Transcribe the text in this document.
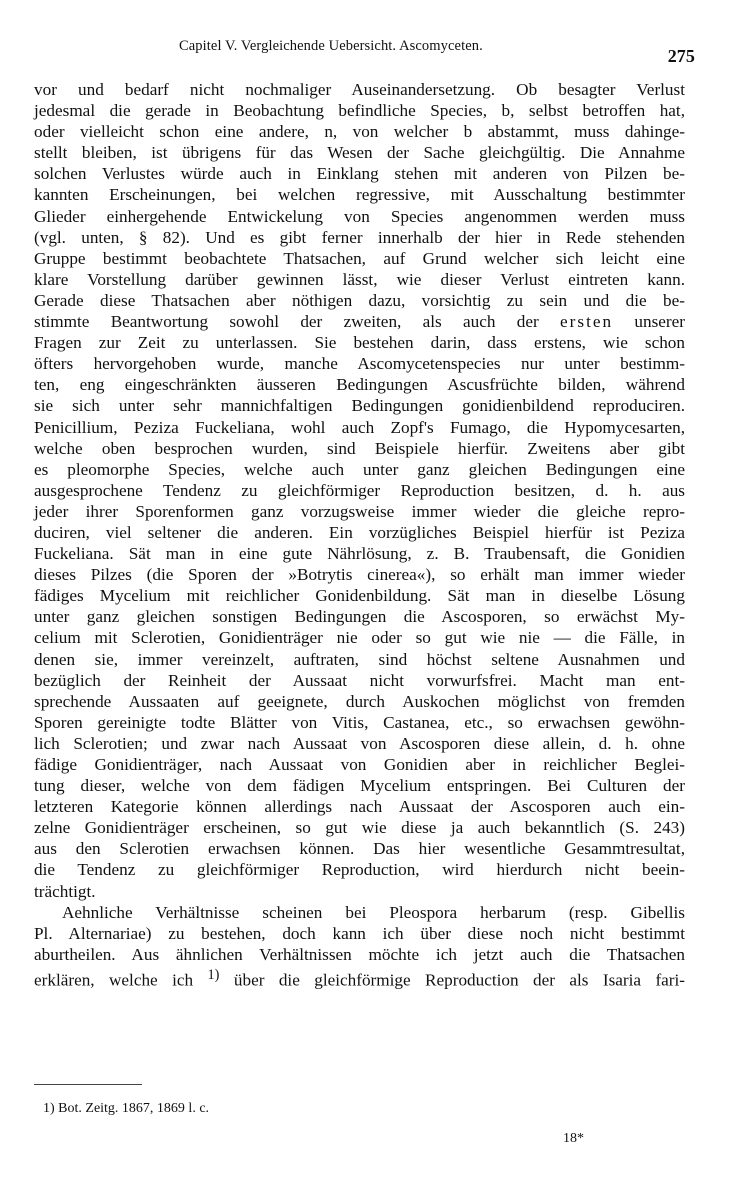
Capitel V. Vergleichende Uebersicht. Ascomyceten.	275
vor und bedarf nicht nochmaliger Auseinandersetzung. Ob besagter Verlust
jedesmal die gerade in Beobachtung befindliche Species, b, selbst betroffen hat,
oder vielleicht schon eine andere, n, von welcher b abstammt, muss dahinge-
stellt bleiben, ist übrigens für das Wesen der Sache gleichgültig. Die Annahme
solchen Verlustes würde auch in Einklang stehen mit anderen von Pilzen be-
kannten Erscheinungen, bei welchen regressive, mit Ausschaltung bestimmter
Glieder einhergehende Entwickelung von Species angenommen werden muss
(vgl. unten, § 82). Und es gibt ferner innerhalb der hier in Rede stehenden
Gruppe bestimmt beobachtete Thatsachen, auf Grund welcher sich leicht eine
klare Vorstellung darüber gewinnen lässt, wie dieser Verlust eintreten kann.
Gerade diese Thatsachen aber nöthigen dazu, vorsichtig zu sein und die be-
stimmte Beantwortung sowohl der zweiten, als auch der ersten unserer
Fragen zur Zeit zu unterlassen. Sie bestehen darin, dass erstens, wie schon
öfters hervorgehoben wurde, manche Ascomycetenspecies nur unter bestimm-
ten, eng eingeschränkten äusseren Bedingungen Ascusfrüchte bilden, während
sie sich unter sehr mannichfaltigen Bedingungen gonidienbildend reproduciren.
Penicillium, Peziza Fuckeliana, wohl auch Zopf's Fumago, die Hypomycesarten,
welche oben besprochen wurden, sind Beispiele hierfür. Zweitens aber gibt
es pleomorphe Species, welche auch unter ganz gleichen Bedingungen eine
ausgesprochene Tendenz zu gleichförmiger Reproduction besitzen, d. h. aus
jeder ihrer Sporenformen ganz vorzugsweise immer wieder die gleiche repro-
duciren, viel seltener die anderen. Ein vorzügliches Beispiel hierfür ist Peziza
Fuckeliana. Sät man in eine gute Nährlösung, z. B. Traubensaft, die Gonidien
dieses Pilzes (die Sporen der »Botrytis cinerea«), so erhält man immer wieder
fädiges Mycelium mit reichlicher Gonidenbildung. Sät man in dieselbe Lösung
unter ganz gleichen sonstigen Bedingungen die Ascosporen, so erwächst My-
celium mit Sclerotien, Gonidienträger nie oder so gut wie nie — die Fälle, in
denen sie, immer vereinzelt, auftraten, sind höchst seltene Ausnahmen und
bezüglich der Reinheit der Aussaat nicht vorwurfsfrei. Macht man ent-
sprechende Aussaaten auf geeignete, durch Auskochen möglichst von fremden
Sporen gereinigte todte Blätter von Vitis, Castanea, etc., so erwachsen gewöhn-
lich Sclerotien; und zwar nach Aussaat von Ascosporen diese allein, d. h. ohne
fädige Gonidienträger, nach Aussaat von Gonidien aber in reichlicher Beglei-
tung dieser, welche von dem fädigen Mycelium entspringen. Bei Culturen der
letzteren Kategorie können allerdings nach Aussaat der Ascosporen auch ein-
zelne Gonidienträger erscheinen, so gut wie diese ja auch bekanntlich (S. 243)
aus den Sclerotien erwachsen können. Das hier wesentliche Gesammtresultat,
die Tendenz zu gleichförmiger Reproduction, wird hierdurch nicht beein-
trächtigt.
Aehnliche Verhältnisse scheinen bei Pleospora herbarum (resp. Gibellis
Pl. Alternariae) zu bestehen, doch kann ich über diese noch nicht bestimmt
aburtheilen. Aus ähnlichen Verhältnissen möchte ich jetzt auch die Thatsachen
erklären, welche ich $^{1)}$ über die gleichförmige Reproduction der als Isaria fari-
1) Bot. Zeitg. 1867, 1869 l. c.
18*
